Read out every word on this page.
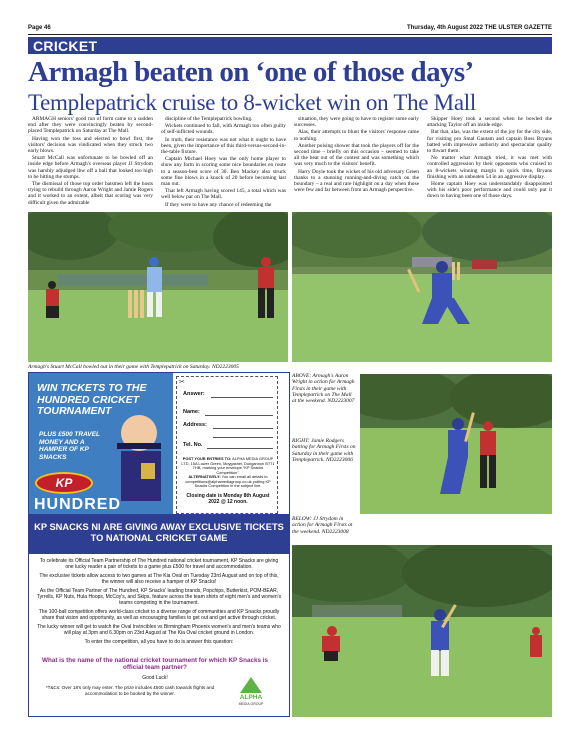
Page 46	Thursday, 4th August 2022 THE ULSTER GAZETTE
CRICKET
Armagh beaten on ‘one of those days’
Templepatrick cruise to 8-wicket win on The Mall

ARMAGH seniors' good run of form came to a sudden end after they were convincingly beaten by second-placed Templepatrick on Saturday at The Mall.

Having won the toss and elected to bowl first, the visitors' decision was vindicated when they struck two early blows.

Stuart McCall was unfortunate to be bowled off an inside edge before Armagh's overseas player JJ Strydom was harshly adjudged lbw off a ball that looked too high to be hitting the stumps.

The dismissal of those top order batsmen left the hosts trying to rebuild through Aaron Wright and Jamie Rogers and it worked to an extent, albeit that scoring was very difficult given the admirable

discipline of the Templepatrick bowling.

Wickets continued to fall, with Armagh too often guilty of self-inflicted wounds.

In truth, their resistance was not what it ought to have been, given the importance of this third-versus-second-in-the-table fixture.

Captain Michael Hoey was the only home player to show any form in scoring some nice boundaries en route to a season-best score of 30. Ben Mackey also struck some fine blows in a knock of 20 before becoming last man out.

That left Armagh having scored 145, a total which was well below par on The Mall.

If they were to have any chance of redeeming the

situation, they were going to have to register some early successes.

Alas, their attempts to blunt the visitors' response came to nothing.

Another poising shower that took the players off for the second time – briefly on this occasion – seemed to take all the heat out of the contest and was something which was very much to the visitors' benefit.

Harry Doyle took the wicket of his old adversary Green thanks to a stunning running-and-diving catch on the boundary – a real and rare highlight on a day when those were few and far between from an Armagh perspective.

Skipper Hoey took a second when he bowled the attacking Taylor off an inside edge.

But that, alas, was the extent of the joy for the city side, for visiting pro Smal Gautam and captain Ross Bryans batted with impressive authority and spectacular quality to thwart them.

No matter what Armagh tried, it was met with controlled aggression by their opponents who cruised to an 8-wickets winning margin in quick time, Bryans finishing with an unbeaten 54 in an aggressive display.

Home captain Hoey was understandably disappointed with his side's poor performance and could only put it down to having been one of those days.

Armagh's Stuart McCall bowled out in their game with Templepatrick on Saturday. ND2223005
ABOVE: Armagh's Aaron Wright in action for Armagh Firsts in their game with Templepatrick on The Mall at the weekend. ND2223007
RIGHT: Jamie Rodgers batting for Armagh Firsts on Saturday in their game with Templepatrick. ND2223006
BELOW: JJ Strydom in action for Armagh Firsts at the weekend. ND2223008
WIN TICKETS TO THE HUNDRED CRICKET TOURNAMENT
PLUS £500 TRAVEL MONEY AND A HAMPER OF KP SNACKS
KP
HUNDRED
✂
Answer:
Name:
Address:
Tel. No.
POST YOUR ENTRIES TO: ALPHA MEDIA GROUP LTD, 15A Lower Green, Moygashel, Dungannon BT71 7HB, marking your envelope "KP Snacks Competition".
ALTERNATIVELY: You can email all details to competitions@alphamediagroup.co.uk putting KP Snacks Competition in the subject line.
Closing date is Monday 8th August 2022 @ 12 noon.
KP SNACKS NI ARE GIVING AWAY EXCLUSIVE TICKETS TO NATIONAL CRICKET GAME

To celebrate its Official Team Partnership of The Hundred national cricket tournament, KP Snacks are giving one lucky reader a pair of tickets to a game plus £500 for travel and accommodation.

The exclusive tickets allow access to two games at The Kia Oval on Tuesday 23rd August and on top of this, the winner will also receive a hamper of KP Snacks!

As the Official Team Partner of The Hundred, KP Snacks' leading brands, Popchips, Butterkist, POM-BEAR, Tyrrells, KP Nuts, Hula Hoops, McCoy's, and Skips, feature across the team shirts of eight men's and women's teams competing in the tournament.

The 100-ball competition offers world-class cricket to a diverse range of communities and KP Snacks proudly share that vision and opportunity, as well as encouraging families to get out and get active through cricket.

The lucky winner will get to watch the Oval Invincibles vs Birmingham Phoenix women's and men's teams who will play at 3pm and 6.30pm on 23rd August at The Kia Oval cricket ground in London.

To enter the competition, all you have to do is answer this question:

What is the name of the national cricket tournament for which KP Snacks is official team partner?
Good Luck!
*T&Cs: Over 18's only may enter. The prize includes £500 cash towards flights and accommodation to be booked by the winner.
ALPHA
MEDIA GROUP
